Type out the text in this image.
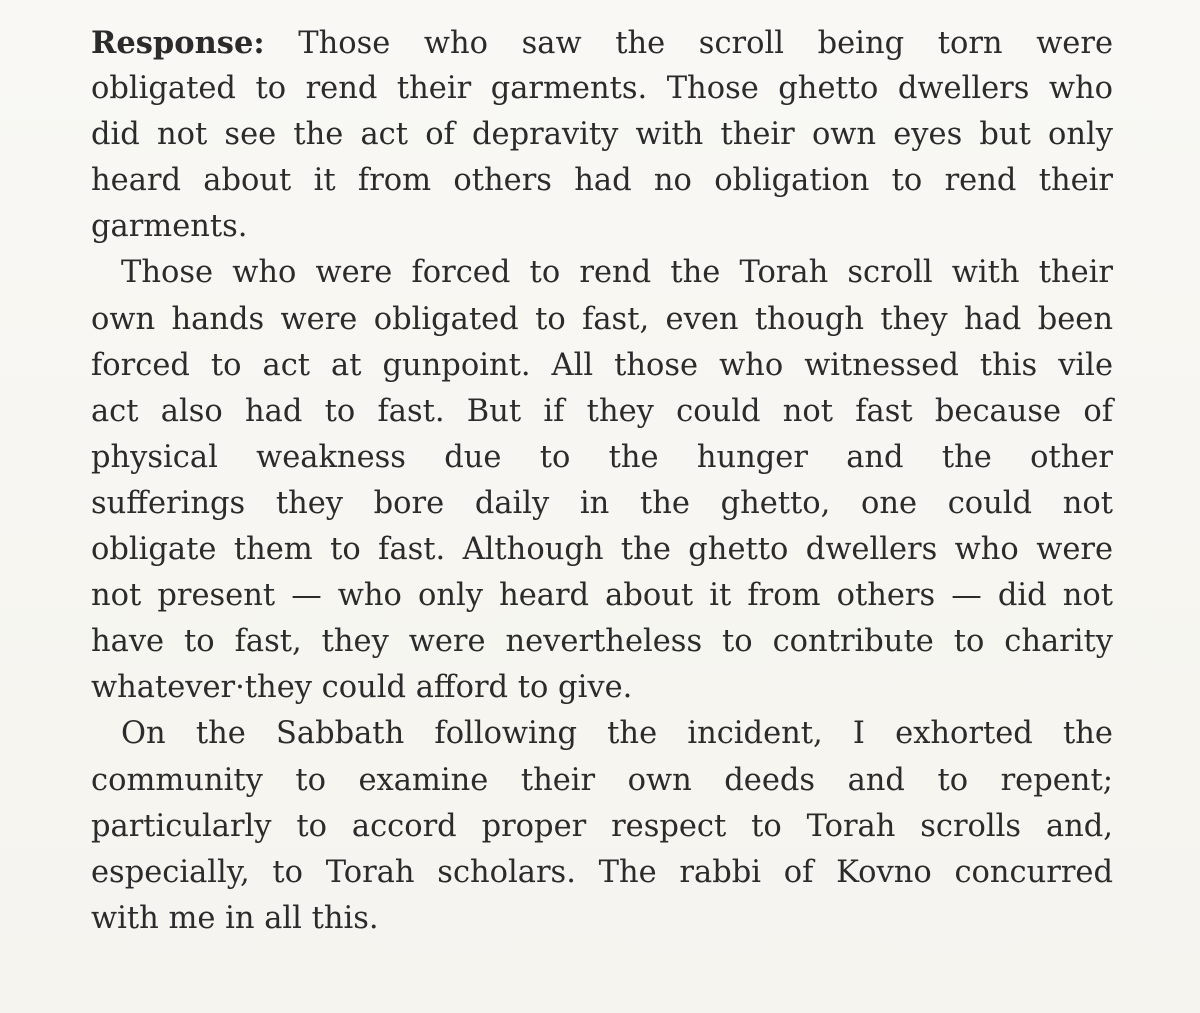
Response: Those who saw the scroll being torn were
obligated to rend their garments. Those ghetto dwellers who
did not see the act of depravity with their own eyes but only
heard about it from others had no obligation to rend their
garments.
Those who were forced to rend the Torah scroll with their
own hands were obligated to fast, even though they had been
forced to act at gunpoint. All those who witnessed this vile
act also had to fast. But if they could not fast because of
physical weakness due to the hunger and the other
sufferings they bore daily in the ghetto, one could not
obligate them to fast. Although the ghetto dwellers who were
not present — who only heard about it from others — did not
have to fast, they were nevertheless to contribute to charity
whatever·they could afford to give.
On the Sabbath following the incident, I exhorted the
community to examine their own deeds and to repent;
particularly to accord proper respect to Torah scrolls and,
especially, to Torah scholars. The rabbi of Kovno concurred
with me in all this.
